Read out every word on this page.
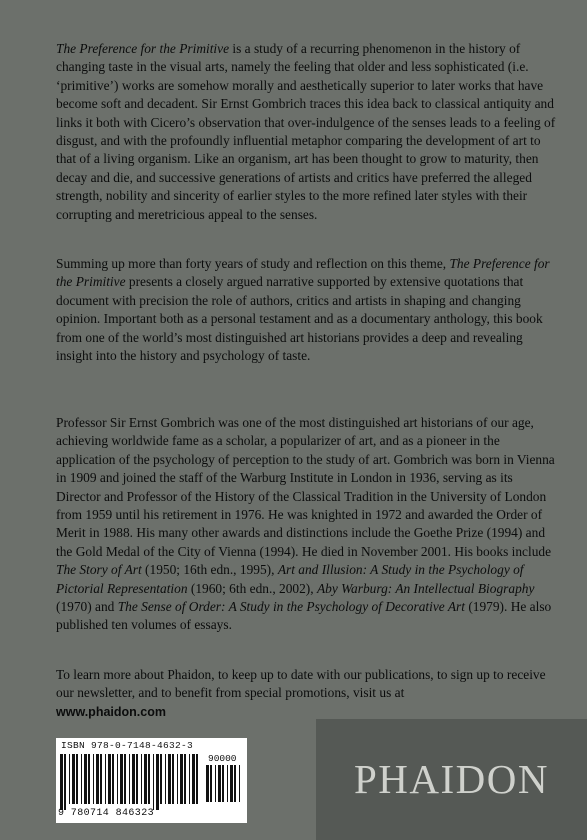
The Preference for the Primitive is a study of a recurring phenomenon in the history of changing taste in the visual arts, namely the feeling that older and less sophisticated (i.e. ‘primitive’) works are somehow morally and aesthetically superior to later works that have become soft and decadent. Sir Ernst Gombrich traces this idea back to classical antiquity and links it both with Cicero’s observation that over-indulgence of the senses leads to a feeling of disgust, and with the profoundly influential metaphor comparing the development of art to that of a living organism. Like an organism, art has been thought to grow to maturity, then decay and die, and successive generations of artists and critics have preferred the alleged strength, nobility and sincerity of earlier styles to the more refined later styles with their corrupting and meretricious appeal to the senses.

Summing up more than forty years of study and reflection on this theme, The Preference for the Primitive presents a closely argued narrative supported by extensive quotations that document with precision the role of authors, critics and artists in shaping and changing opinion. Important both as a personal testament and as a documentary anthology, this book from one of the world’s most distinguished art historians provides a deep and revealing insight into the history and psychology of taste.

Professor Sir Ernst Gombrich was one of the most distinguished art historians of our age, achieving worldwide fame as a scholar, a popularizer of art, and as a pioneer in the application of the psychology of perception to the study of art. Gombrich was born in Vienna in 1909 and joined the staff of the Warburg Institute in London in 1936, serving as its Director and Professor of the History of the Classical Tradition in the University of London from 1959 until his retirement in 1976. He was knighted in 1972 and awarded the Order of Merit in 1988. His many other awards and distinctions include the Goethe Prize (1994) and the Gold Medal of the City of Vienna (1994). He died in November 2001. His books include The Story of Art (1950; 16th edn., 1995), Art and Illusion: A Study in the Psychology of Pictorial Representation (1960; 6th edn., 2002), Aby Warburg: An Intellectual Biography (1970) and The Sense of Order: A Study in the Psychology of Decorative Art (1979). He also published ten volumes of essays.

To learn more about Phaidon, to keep up to date with our publications, to sign up to receive our newsletter, and to benefit from special promotions, visit us at
www.phaidon.com

ISBN 978-0-7148-4632-3
9 780714 846323
90000	PHAIDON
